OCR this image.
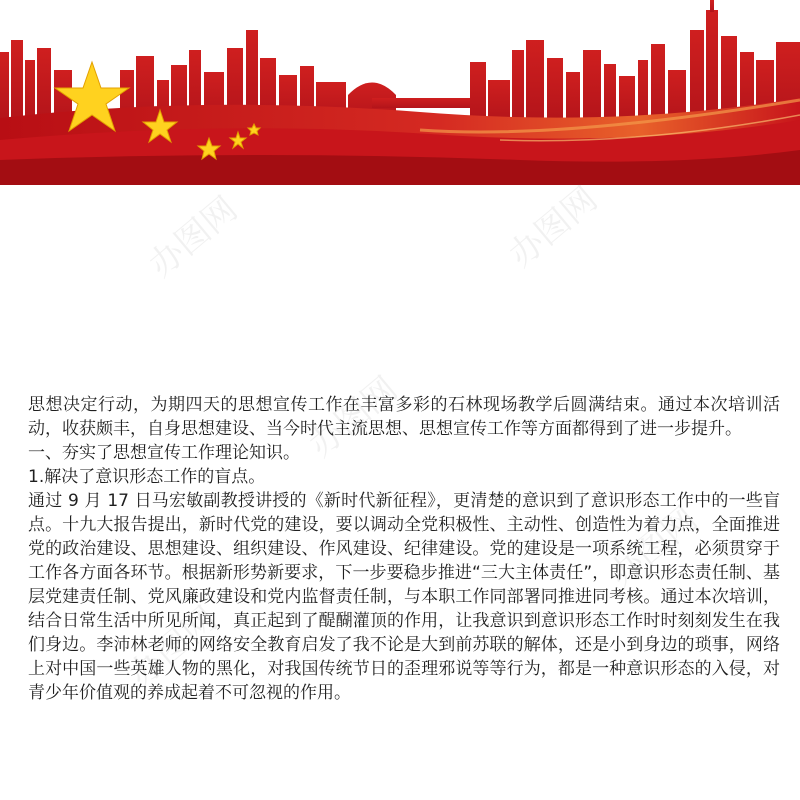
办图网	办图网
办图网
办图网
办图网

思想决定行动，为期四天的思想宣传工作在丰富多彩的石林现场教学后圆满结束。通过本次培训活动，收获颇丰，自身思想建设、当今时代主流思想、思想宣传工作等方面都得到了进一步提升。

一、夯实了思想宣传工作理论知识。

1.解决了意识形态工作的盲点。

通过 9 月 17 日马宏敏副教授讲授的《新时代新征程》，更清楚的意识到了意识形态工作中的一些盲点。十九大报告提出，新时代党的建设，要以调动全党积极性、主动性、创造性为着力点，全面推进党的政治建设、思想建设、组织建设、作风建设、纪律建设。党的建设是一项系统工程，必须贯穿于工作各方面各环节。根据新形势新要求，下一步要稳步推进“三大主体责任”，即意识形态责任制、基层党建责任制、党风廉政建设和党内监督责任制，与本职工作同部署同推进同考核。通过本次培训，结合日常生活中所见所闻，真正起到了醍醐灌顶的作用，让我意识到意识形态工作时时刻刻发生在我们身边。李沛林老师的网络安全教育启发了我不论是大到前苏联的解体，还是小到身边的琐事，网络上对中国一些英雄人物的黑化，对我国传统节日的歪理邪说等等行为，都是一种意识形态的入侵，对青少年价值观的养成起着不可忽视的作用。
